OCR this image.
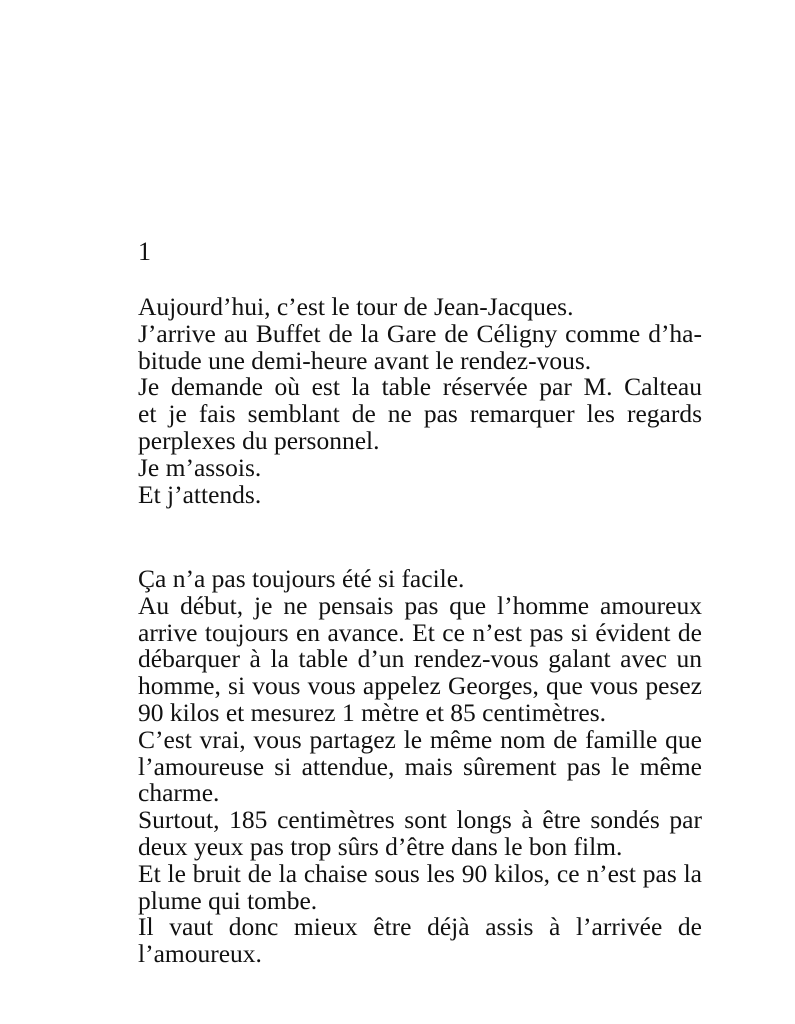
1

Aujourd’hui, c’est le tour de Jean-Jacques.
J’arrive au Buffet de la Gare de Céligny comme d’ha-
bitude une demi-heure avant le rendez-vous.
Je demande où est la table réservée par M. Calteau
et je fais semblant de ne pas remarquer les regards
perplexes du personnel.
Je m’assois.
Et j’attends.
Ça n’a pas toujours été si facile.
Au début, je ne pensais pas que l’homme amoureux
arrive toujours en avance. Et ce n’est pas si évident de
débarquer à la table d’un rendez-vous galant avec un
homme, si vous vous appelez Georges, que vous pesez
90 kilos et mesurez 1 mètre et 85 centimètres.
C’est vrai, vous partagez le même nom de famille que
l’amoureuse si attendue, mais sûrement pas le même
charme.
Surtout, 185 centimètres sont longs à être sondés par
deux yeux pas trop sûrs d’être dans le bon film.
Et le bruit de la chaise sous les 90 kilos, ce n’est pas la
plume qui tombe.
Il vaut donc mieux être déjà assis à l’arrivée de
l’amoureux.
